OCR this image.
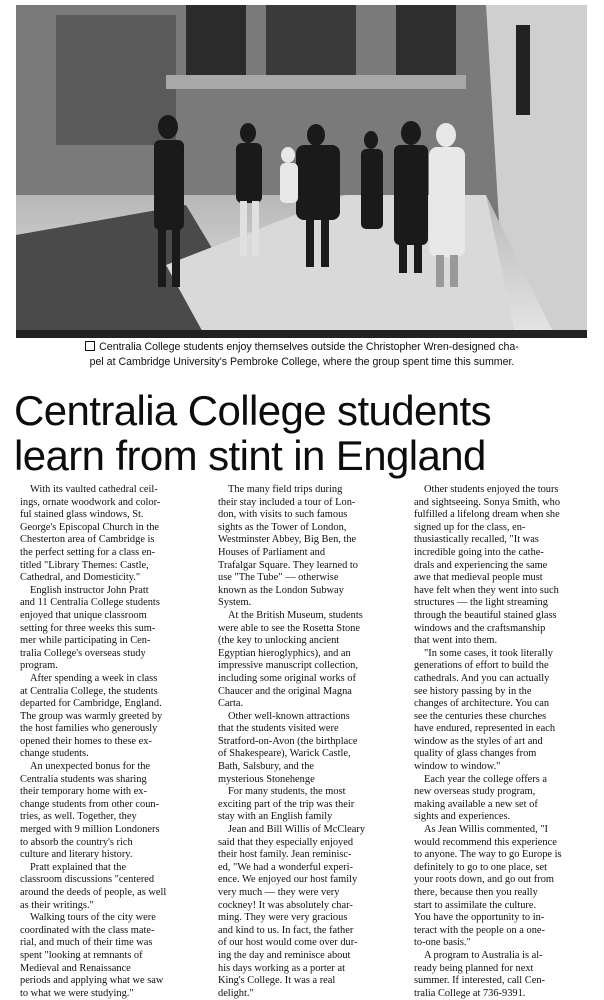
Centralia College students enjoy themselves outside the Christopher Wren-designed cha-
pel at Cambridge University's Pembroke College, where the group spent time this summer.
Centralia College students
learn from stint in England

With its vaulted cathedral ceil-
ings, ornate woodwork and color-
ful stained glass windows, St.
George's Episcopal Church in the
Chesterton area of Cambridge is
the perfect setting for a class en-
titled "Library Themes: Castle,
Cathedral, and Domesticity."

English instructor John Pratt
and 11 Centralia College students
enjoyed that unique classroom
setting for three weeks this sum-
mer while participating in Cen-
tralia College's overseas study
program.

After spending a week in class
at Centralia College, the students
departed for Cambridge, England.
The group was warmly greeted by
the host families who generously
opened their homes to these ex-
change students.

An unexpected bonus for the
Centralia students was sharing
their temporary home with ex-
change students from other coun-
tries, as well. Together, they
merged with 9 million Londoners
to absorb the country's rich
culture and literary history.

Pratt explained that the
classroom discussions "centered
around the deeds of people, as well
as their writings."

Walking tours of the city were
coordinated with the class mate-
rial, and much of their time was
spent "looking at remnants of
Medieval and Renaissance
periods and applying what we saw
to what we were studying."

The many field trips during
their stay included a tour of Lon-
don, with visits to such famous
sights as the Tower of London,
Westminster Abbey, Big Ben, the
Houses of Parliament and
Trafalgar Square. They learned to
use "The Tube" — otherwise
known as the London Subway
System.

At the British Museum, students
were able to see the Rosetta Stone
(the key to unlocking ancient
Egyptian hieroglyphics), and an
impressive manuscript collection,
including some original works of
Chaucer and the original Magna
Carta.

Other well-known attractions
that the students visited were
Stratford-on-Avon (the birthplace
of Shakespeare), Warick Castle,
Bath, Salsbury, and the
mysterious Stonehenge

For many students, the most
exciting part of the trip was their
stay with an English family

Jean and Bill Willis of McCleary
said that they especially enjoyed
their host family. Jean reminisc-
ed, "We had a wonderful experi-
ence. We enjoyed our host family
very much — they were very
cockney! It was absolutely char-
ming. They were very gracious
and kind to us. In fact, the father
of our host would come over dur-
ing the day and reminisce about
his days working as a porter at
King's College. It was a real
delight."

Other students enjoyed the tours
and sightseeing. Sonya Smith, who
fulfilled a lifelong dream when she
signed up for the class, en-
thusiastically recalled, "It was
incredible going into the cathe-
drals and experiencing the same
awe that medieval people must
have felt when they went into such
structures — the light streaming
through the beautiful stained glass
windows and the craftsmanship
that went into them.

"In some cases, it took literally
generations of effort to build the
cathedrals. And you can actually
see history passing by in the
changes of architecture. You can
see the centuries these churches
have endured, represented in each
window as the styles of art and
quality of glass changes from
window to window."

Each year the college offers a
new overseas study program,
making available a new set of
sights and experiences.

As Jean Willis commented, "I
would recommend this experience
to anyone. The way to go Europe is
definitely to go to one place, set
your roots down, and go out from
there, because then you really
start to assimilate the culture.
You have the opportunity to in-
teract with the people on a one-
to-one basis."

A program to Australia is al-
ready being planned for next
summer. If interested, call Cen-
tralia College at 736-9391.
